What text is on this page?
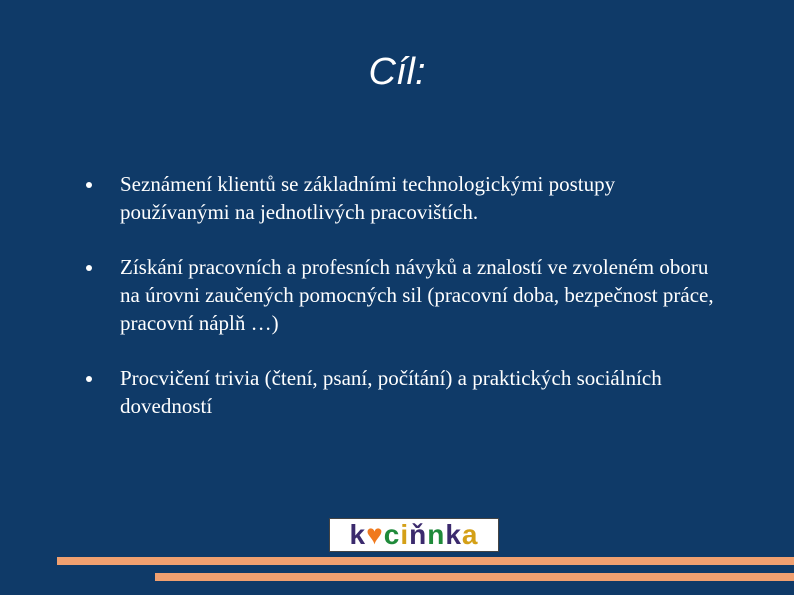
Cíl:
Seznámení klientů se základními technologickými postupy používanými na jednotlivých pracovištích.
Získání pracovních a profesních návyků a znalostí ve zvoleném oboru na úrovni zaučených pomocných sil (pracovní doba, bezpečnost práce, pracovní náplň …)
Procvičení trivia (čtení, psaní, počítání) a praktických sociálních dovedností
k ♥ c i ň n k a
